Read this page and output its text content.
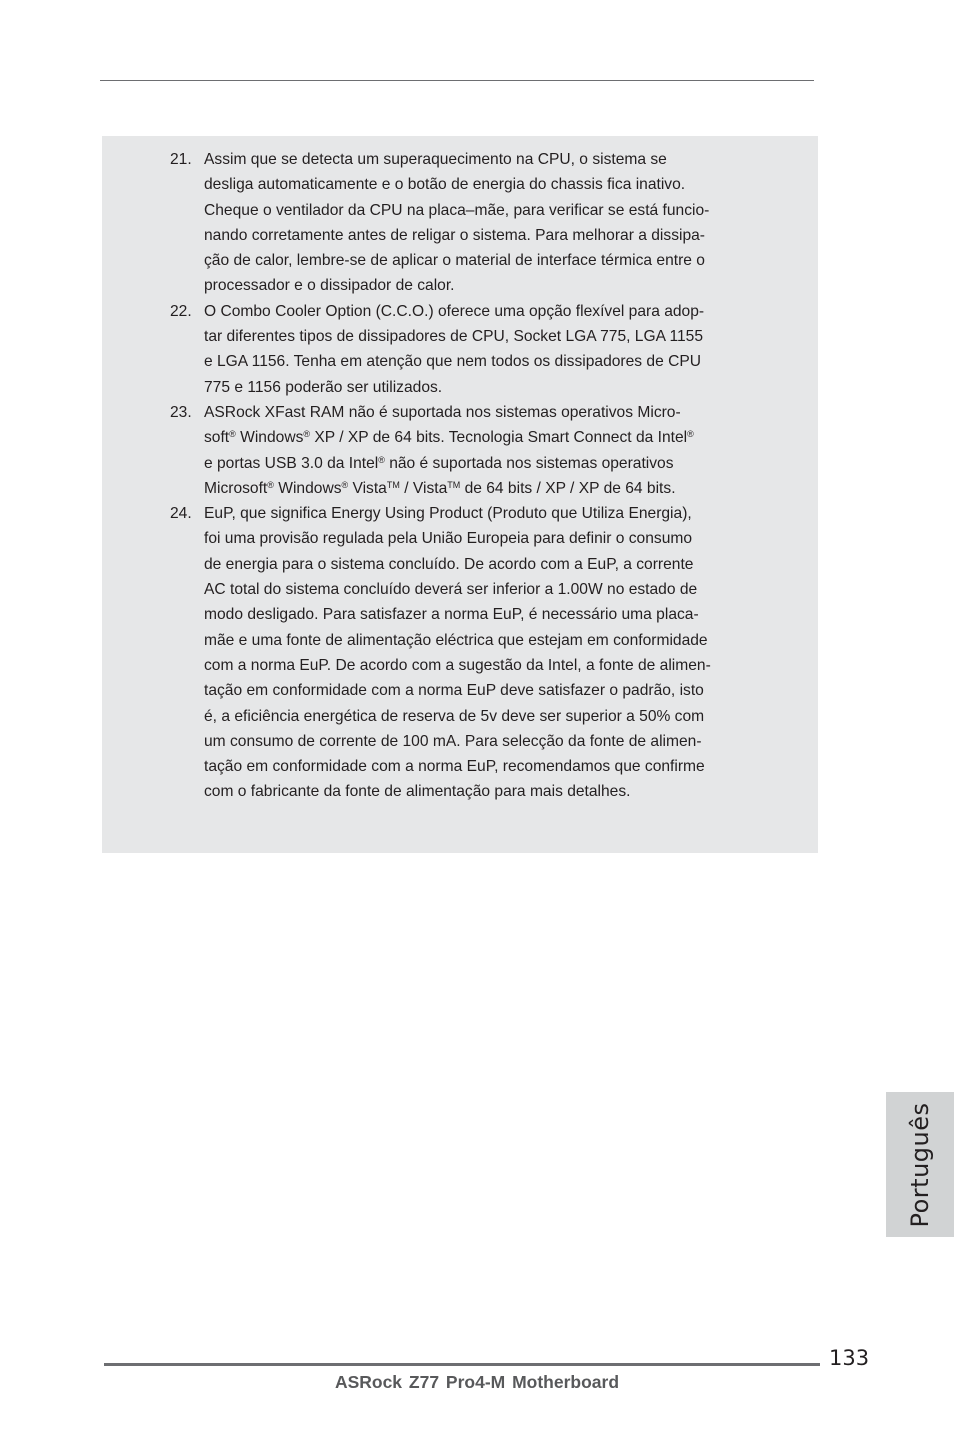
21. Assim que se detecta um superaquecimento na CPU, o sistema se
desliga automaticamente e o botão de energia do chassis fica inativo.
Cheque o ventilador da CPU na placa–mãe, para verificar se está funcio-
nando corretamente antes de religar o sistema. Para melhorar a dissipa-
ção de calor, lembre-se de aplicar o material de interface térmica entre o
processador e o dissipador de calor.
22. O Combo Cooler Option (C.C.O.) oferece uma opção flexível para adop-
tar diferentes tipos de dissipadores de CPU, Socket LGA 775, LGA 1155
e LGA 1156. Tenha em atenção que nem todos os dissipadores de CPU
775 e 1156 poderão ser utilizados.
23. ASRock XFast RAM não é suportada nos sistemas operativos Micro-
soft® Windows® XP / XP de 64 bits. Tecnologia Smart Connect da Intel®
e portas USB 3.0 da Intel® não é suportada nos sistemas operativos
Microsoft® Windows® Vista™ / Vista™ de 64 bits / XP / XP de 64 bits.
24. EuP, que significa Energy Using Product (Produto que Utiliza Energia),
foi uma provisão regulada pela União Europeia para definir o consumo
de energia para o sistema concluído. De acordo com a EuP, a corrente
AC total do sistema concluído deverá ser inferior a 1.00W no estado de
modo desligado. Para satisfazer a norma EuP, é necessário uma placa-
mãe e uma fonte de alimentação eléctrica que estejam em conformidade
com a norma EuP. De acordo com a sugestão da Intel, a fonte de alimen-
tação em conformidade com a norma EuP deve satisfazer o padrão, isto
é, a eficiência energética de reserva de 5v deve ser superior a 50% com
um consumo de corrente de 100 mA. Para selecção da fonte de alimen-
tação em conformidade com a norma EuP, recomendamos que confirme
com o fabricante da fonte de alimentação para mais detalhes.
Português
133
ASRock Z77 Pro4-M Motherboard
